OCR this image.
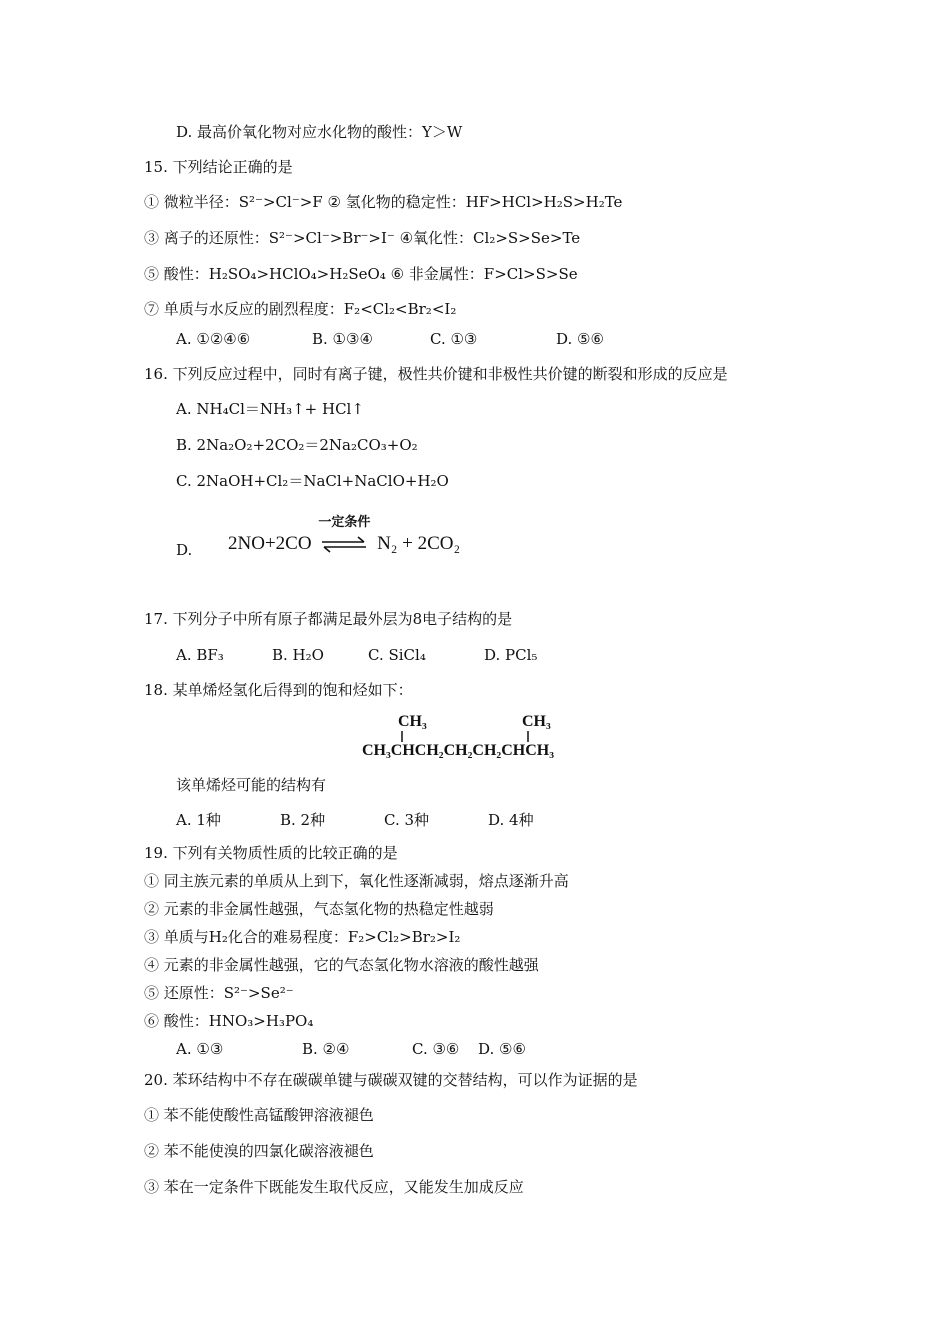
D. 最高价氧化物对应水化物的酸性：Y＞W
15. 下列结论正确的是
① 微粒半径：S²⁻>Cl⁻>F ② 氢化物的稳定性：HF>HCl>H₂S>H₂Te
③ 离子的还原性：S²⁻>Cl⁻>Br⁻>I⁻ ④氧化性：Cl₂>S>Se>Te
⑤ 酸性：H₂SO₄>HClO₄>H₂SeO₄ ⑥ 非金属性：F>Cl>S>Se
⑦ 单质与水反应的剧烈程度：F₂<Cl₂<Br₂<I₂
A. ①②④⑥	B. ①③④	C. ①③	D. ⑤⑥
16. 下列反应过程中，同时有离子键，极性共价键和非极性共价键的断裂和形成的反应是
A. NH₄Cl＝NH₃↑+ HCl↑
B. 2Na₂O₂+2CO₂＝2Na₂CO₃+O₂
C. 2NaOH+Cl₂＝NaCl+NaClO+H₂O
D. 2NO+2CO
一定条件
N₂ + 2CO₂
17. 下列分子中所有原子都满足最外层为8电子结构的是
A. BF₃	B. H₂O	C. SiCl₄	D. PCl₅
18. 某单烯烃氢化后得到的饱和烃如下：
CH₃	CH₃
CH₃CHCH₂CH₂CH₂CHCH₃
该单烯烃可能的结构有
A. 1种	B. 2种	C. 3种	D. 4种
19. 下列有关物质性质的比较正确的是
① 同主族元素的单质从上到下，氧化性逐渐减弱，熔点逐渐升高
② 元素的非金属性越强，气态氢化物的热稳定性越弱
③ 单质与H₂化合的难易程度：F₂>Cl₂>Br₂>I₂
④ 元素的非金属性越强，它的气态氢化物水溶液的酸性越强
⑤ 还原性：S²⁻>Se²⁻
⑥ 酸性：HNO₃>H₃PO₄
A. ①③	B. ②④	C. ③⑥ D. ⑤⑥
20. 苯环结构中不存在碳碳单键与碳碳双键的交替结构，可以作为证据的是
① 苯不能使酸性高锰酸钾溶液褪色
② 苯不能使溴的四氯化碳溶液褪色
③ 苯在一定条件下既能发生取代反应，又能发生加成反应
